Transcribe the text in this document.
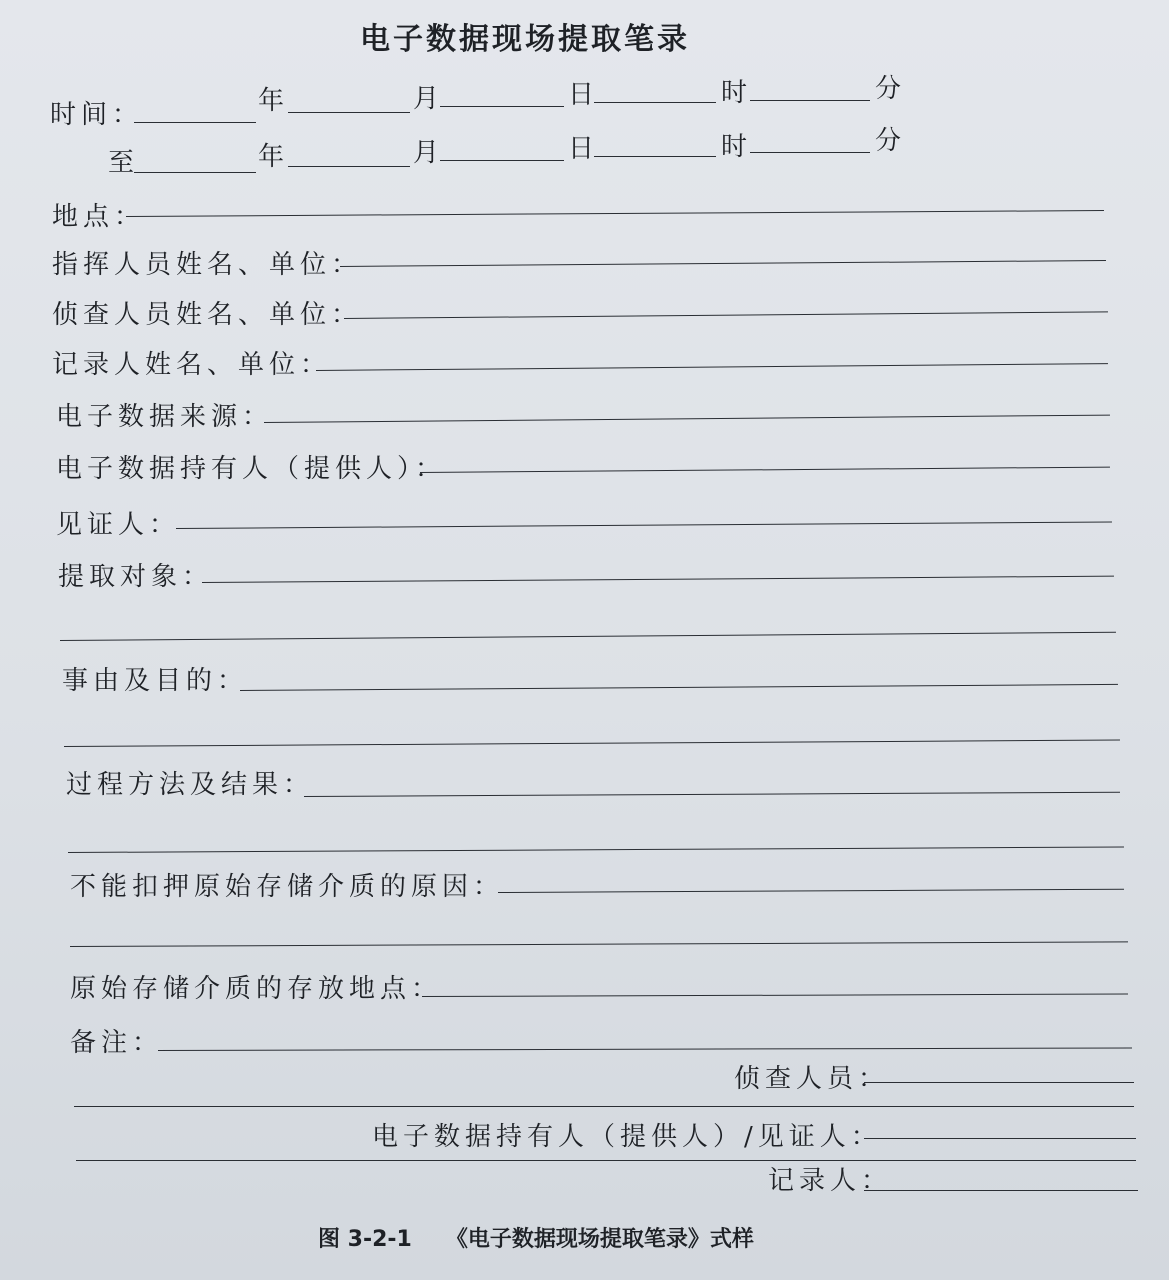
电子数据现场提取笔录
时间：	年	月	日	时	分
至	年	月	日	时	分
地点：
指挥人员姓名、单位：
侦查人员姓名、单位：
记录人姓名、单位：
电子数据来源：
电子数据持有人（提供人）：
见证人：
提取对象：
事由及目的：
过程方法及结果：
不能扣押原始存储介质的原因：
原始存储介质的存放地点：
备注：
侦查人员：
电子数据持有人（提供人）/见证人：
记录人：
图 3-2-1 《电子数据现场提取笔录》式样
